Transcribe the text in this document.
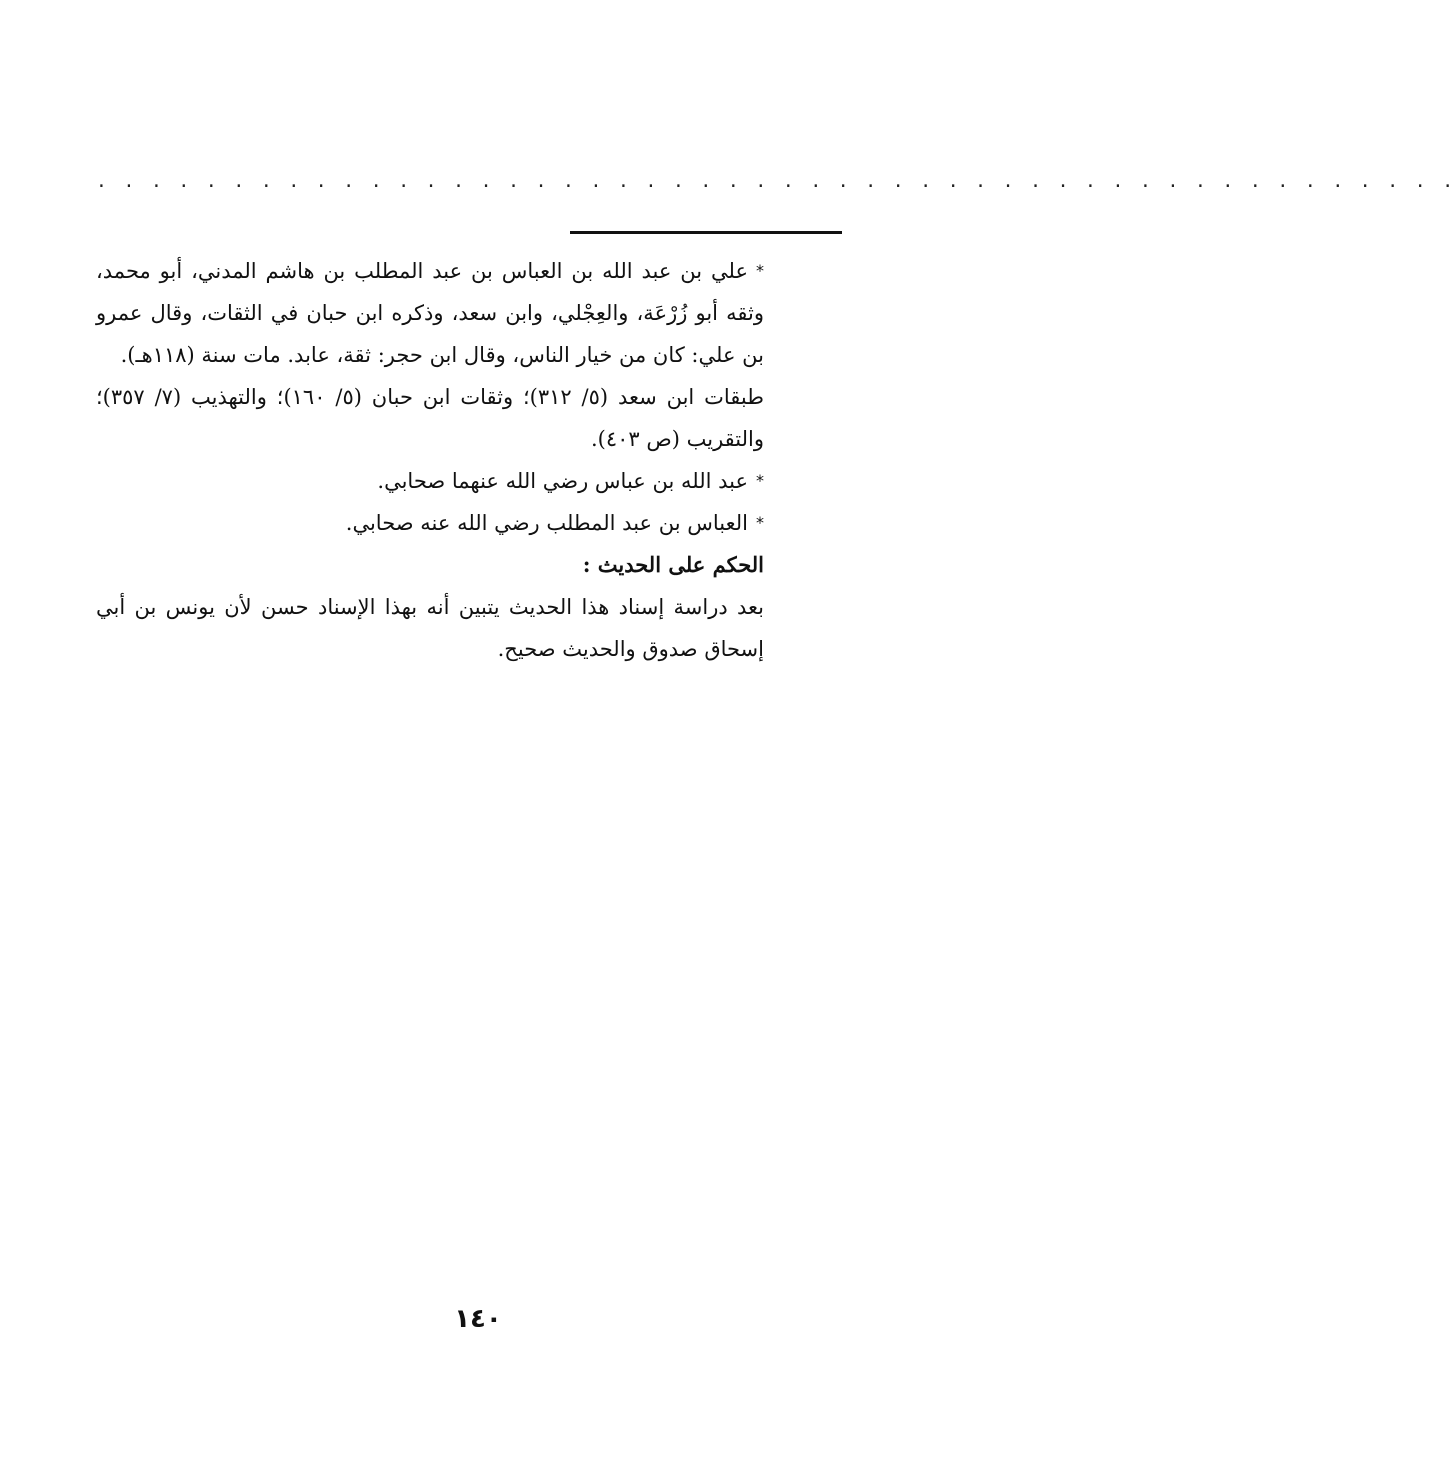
. . . . . . . . . . . . . . . . . . . . . . . . . . . . . . . . . . . . . . . . . . . . . . . . . .

*علي بن عبد الله بن العباس بن عبد المطلب بن هاشم المدني، أبو محمد، وثقه أبو زُرْعَة، والعِجْلي، وابن سعد، وذكره ابن حبان في الثقات، وقال عمرو بن علي: كان من خيار الناس، وقال ابن حجر: ثقة، عابد. مات سنة (١١٨هـ).

طبقات ابن سعد (٥/ ٣١٢)؛ وثقات ابن حبان (٥/ ١٦٠)؛ والتهذيب (٧/ ٣٥٧)؛ والتقريب (ص ٤٠٣).

*عبد الله بن عباس رضي الله عنهما صحابي.

*العباس بن عبد المطلب رضي الله عنه صحابي.

الحكم على الحديث :

بعد دراسة إسناد هذا الحديث يتبين أنه بهذا الإسناد حسن لأن يونس بن أبي إسحاق صدوق والحديث صحيح.

١٤٠
